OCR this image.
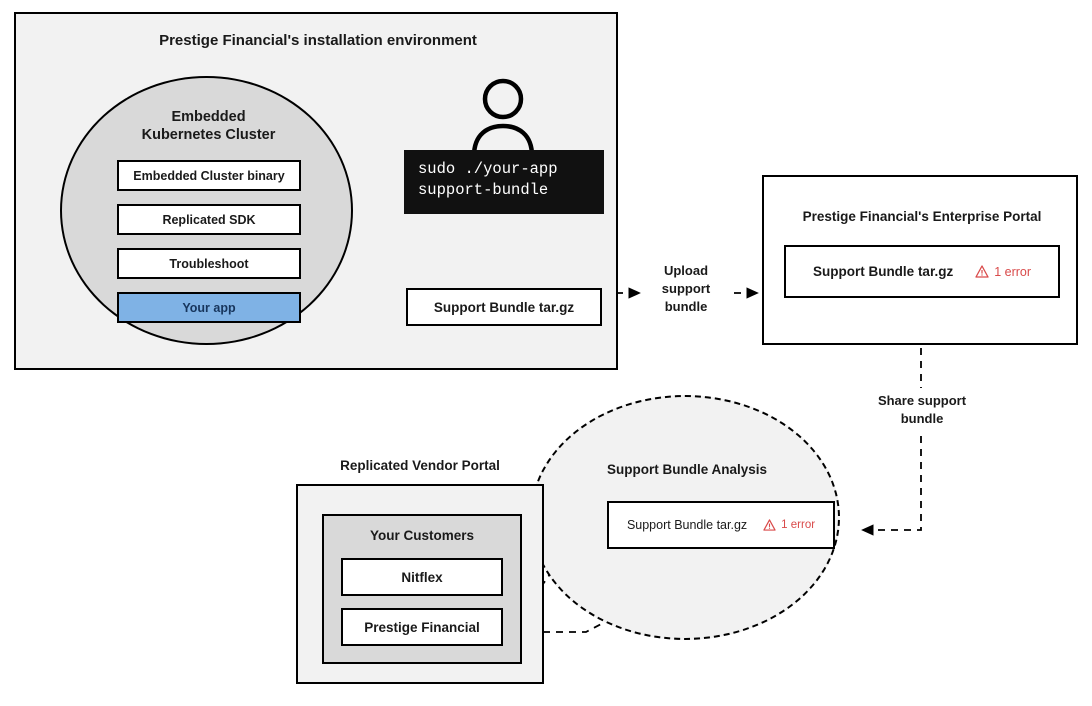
Prestige Financial's installation environment
Embedded
Kubernetes Cluster
Embedded Cluster binary
Replicated SDK
Troubleshoot
Your app
sudo ./your-app
support-bundle
Support Bundle tar.gz
Upload
support
bundle
Prestige Financial's Enterprise Portal
Support Bundle tar.gz	1 error
Share support
bundle
Support Bundle Analysis
Support Bundle tar.gz	1 error
Replicated Vendor Portal
Your Customers
Nitflex
Prestige Financial
